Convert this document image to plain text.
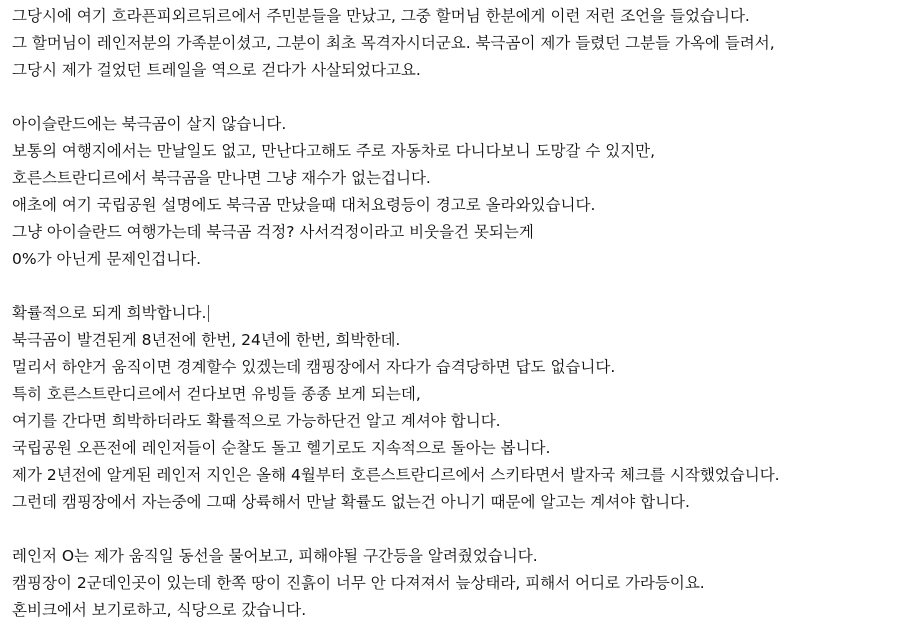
그당시에 여기 흐라픈피외르뒤르에서 주민분들을 만났고, 그중 할머님 한분에게 이런 저런 조언을 들었습니다.
그 할머님이 레인저분의 가족분이셨고, 그분이 최초 목격자시더군요. 북극곰이 제가 들렸던 그분들 가옥에 들려서,
그당시 제가 걸었던 트레일을 역으로 걷다가 사살되었다고요.
아이슬란드에는 북극곰이 살지 않습니다.
보통의 여행지에서는 만날일도 없고, 만난다고해도 주로 자동차로 다니다보니 도망갈 수 있지만,
호른스트란디르에서 북극곰을 만나면 그냥 재수가 없는겁니다.
애초에 여기 국립공원 설명에도 북극곰 만났을때 대처요령등이 경고로 올라와있습니다.
그냥 아이슬란드 여행가는데 북극곰 걱정? 사서걱정이라고 비웃을건 못되는게
0%가 아닌게 문제인겁니다.
확률적으로 되게 희박합니다.
북극곰이 발견된게 8년전에 한번, 24년에 한번, 희박한데.
멀리서 하얀거 움직이면 경계할수 있겠는데 캠핑장에서 자다가 습격당하면 답도 없습니다.
특히 호른스트란디르에서 걷다보면 유빙들 종종 보게 되는데,
여기를 간다면 희박하더라도 확률적으로 가능하단건 알고 계셔야 합니다.
국립공원 오픈전에 레인저들이 순찰도 돌고 헬기로도 지속적으로 돌아는 봅니다.
제가 2년전에 알게된 레인저 지인은 올해 4월부터 호른스트란디르에서 스키타면서 발자국 체크를 시작했었습니다.
그런데 캠핑장에서 자는중에 그때 상륙해서 만날 확률도 없는건 아니기 때문에 알고는 계셔야 합니다.
레인저 O는 제가 움직일 동선을 물어보고, 피해야될 구간등을 알려줬었습니다.
캠핑장이 2군데인곳이 있는데 한쪽 땅이 진흙이 너무 안 다져져서 늪상태라, 피해서 어디로 가라등이요.
혼비크에서 보기로하고, 식당으로 갔습니다.
